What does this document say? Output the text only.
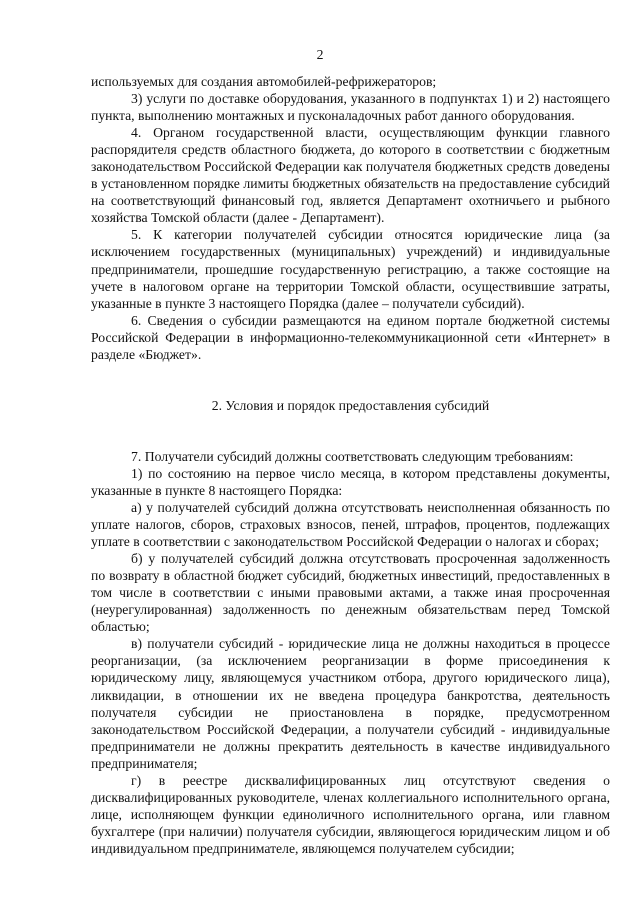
2

используемых для создания автомобилей-рефрижераторов;

3) услуги по доставке оборудования, указанного в подпунктах 1) и 2) настоящего пункта, выполнению монтажных и пусконаладочных работ данного оборудования.

4. Органом государственной власти, осуществляющим функции главного распорядителя средств областного бюджета, до которого в соответствии с бюджетным законодательством Российской Федерации как получателя бюджетных средств доведены в установленном порядке лимиты бюджетных обязательств на предоставление субсидий на соответствующий финансовый год, является Департамент охотничьего и рыбного хозяйства Томской области (далее - Департамент).

5. К категории получателей субсидии относятся юридические лица (за исключением государственных (муниципальных) учреждений) и индивидуальные предприниматели, прошедшие государственную регистрацию, а также состоящие на учете в налоговом органе на территории Томской области, осуществившие затраты, указанные в пункте 3 настоящего Порядка (далее – получатели субсидий).

6. Сведения о субсидии размещаются на едином портале бюджетной системы Российской Федерации в информационно-телекоммуникационной сети «Интернет» в разделе «Бюджет».

2. Условия и порядок предоставления субсидий

7. Получатели субсидий должны соответствовать следующим требованиям:

1) по состоянию на первое число месяца, в котором представлены документы, указанные в пункте 8 настоящего Порядка:

а) у получателей субсидий должна отсутствовать неисполненная обязанность по уплате налогов, сборов, страховых взносов, пеней, штрафов, процентов, подлежащих уплате в соответствии с законодательством Российской Федерации о налогах и сборах;

б) у получателей субсидий должна отсутствовать просроченная задолженность по возврату в областной бюджет субсидий, бюджетных инвестиций, предоставленных в том числе в соответствии с иными правовыми актами, а также иная просроченная (неурегулированная) задолженность по денежным обязательствам перед Томской областью;

в) получатели субсидий - юридические лица не должны находиться в процессе реорганизации, (за исключением реорганизации в форме присоединения к юридическому лицу, являющемуся участником отбора, другого юридического лица), ликвидации, в отношении их не введена процедура банкротства, деятельность получателя субсидии не приостановлена в порядке, предусмотренном законодательством Российской Федерации, а получатели субсидий - индивидуальные предприниматели не должны прекратить деятельность в качестве индивидуального предпринимателя;

г) в реестре дисквалифицированных лиц отсутствуют сведения о дисквалифицированных руководителе, членах коллегиального исполнительного органа, лице, исполняющем функции единоличного исполнительного органа, или главном бухгалтере (при наличии) получателя субсидии, являющегося юридическим лицом и об индивидуальном предпринимателе, являющемся получателем субсидии;
